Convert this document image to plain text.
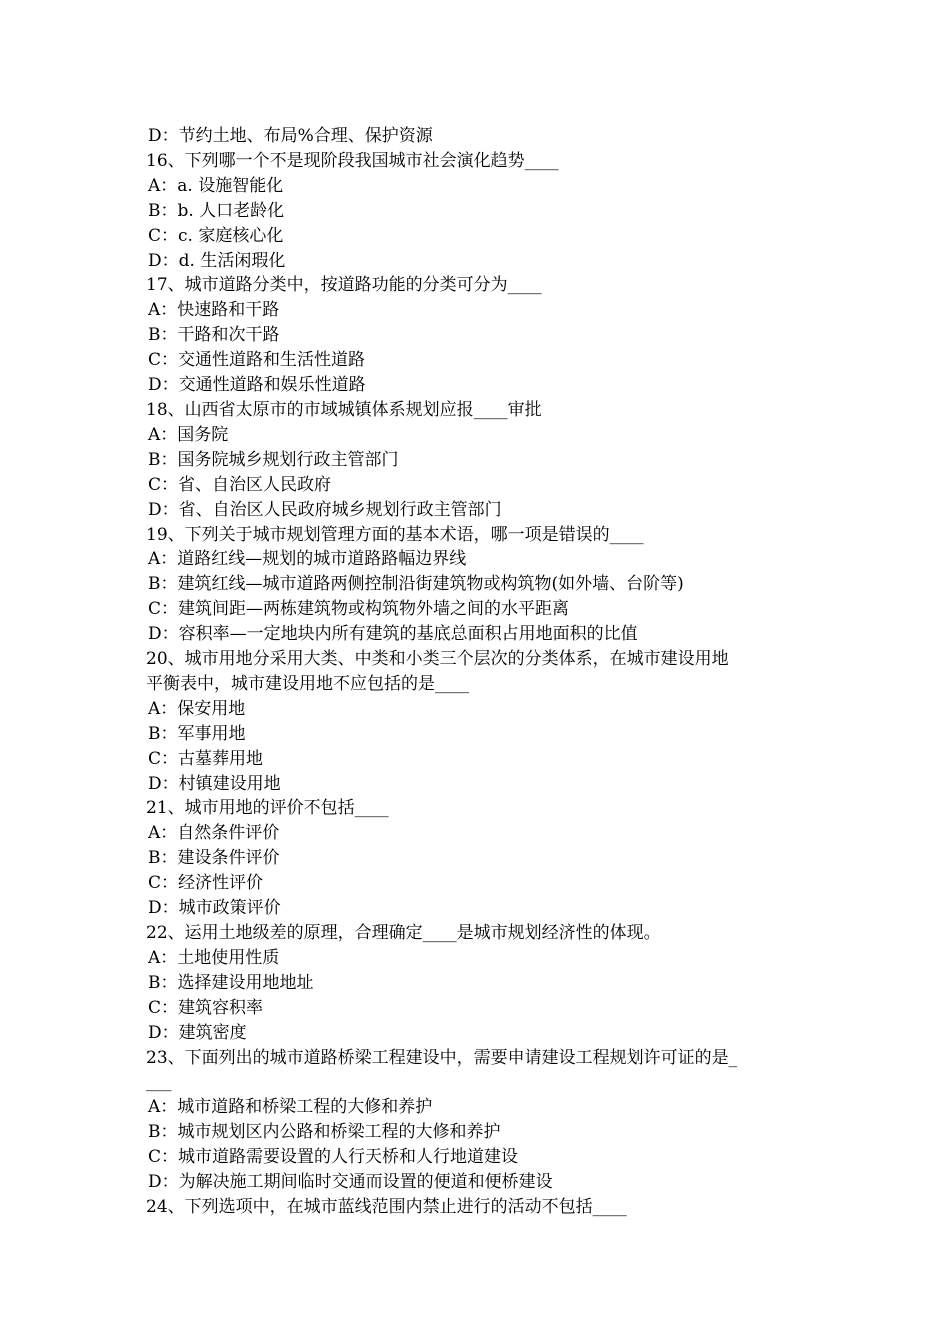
D：节约土地、布局%合理、保护资源
16、下列哪一个不是现阶段我国城市社会演化趋势____
A：a. 设施智能化
B：b. 人口老龄化
C：c. 家庭核心化
D：d. 生活闲瑕化
17、城市道路分类中，按道路功能的分类可分为____
A：快速路和干路
B：干路和次干路
C：交通性道路和生活性道路
D：交通性道路和娱乐性道路
18、山西省太原市的市域城镇体系规划应报____审批
A：国务院
B：国务院城乡规划行政主管部门
C：省、自治区人民政府
D：省、自治区人民政府城乡规划行政主管部门
19、下列关于城市规划管理方面的基本术语，哪一项是错误的____
A：道路红线—规划的城市道路路幅边界线
B：建筑红线—城市道路两侧控制沿街建筑物或构筑物(如外墙、台阶等)
C：建筑间距—两栋建筑物或构筑物外墙之间的水平距离
D：容积率—一定地块内所有建筑的基底总面积占用地面积的比值
20、城市用地分采用大类、中类和小类三个层次的分类体系，在城市建设用地
平衡表中，城市建设用地不应包括的是____
A：保安用地
B：军事用地
C：古墓葬用地
D：村镇建设用地
21、城市用地的评价不包括____
A：自然条件评价
B：建设条件评价
C：经济性评价
D：城市政策评价
22、运用土地级差的原理，合理确定____是城市规划经济性的体现。
A：土地使用性质
B：选择建设用地地址
C：建筑容积率
D：建筑密度
23、下面列出的城市道路桥梁工程建设中，需要申请建设工程规划许可证的是_
___
A：城市道路和桥梁工程的大修和养护
B：城市规划区内公路和桥梁工程的大修和养护
C：城市道路需要设置的人行天桥和人行地道建设
D：为解决施工期间临时交通而设置的便道和便桥建设
24、下列选项中，在城市蓝线范围内禁止进行的活动不包括____
